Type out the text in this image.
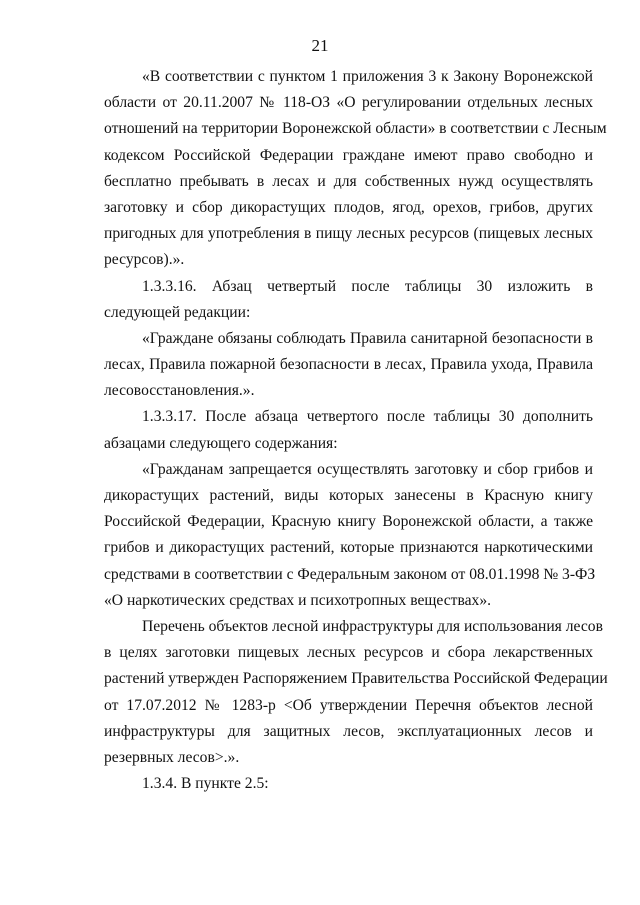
21
«В соответствии с пунктом 1 приложения 3 к Закону Воронежской
области от 20.11.2007 № 118-ОЗ «О регулировании отдельных лесных
отношений на территории Воронежской области» в соответствии с Лесным
кодексом Российской Федерации граждане имеют право свободно и
бесплатно пребывать в лесах и для собственных нужд осуществлять
заготовку и сбор дикорастущих плодов, ягод, орехов, грибов, других
пригодных для употребления в пищу лесных ресурсов (пищевых лесных
ресурсов).».
1.3.3.16. Абзац четвертый после таблицы 30 изложить в
следующей редакции:
«Граждане обязаны соблюдать Правила санитарной безопасности в
лесах, Правила пожарной безопасности в лесах, Правила ухода, Правила
лесовосстановления.».
1.3.3.17. После абзаца четвертого после таблицы 30 дополнить
абзацами следующего содержания:
«Гражданам запрещается осуществлять заготовку и сбор грибов и
дикорастущих растений, виды которых занесены в Красную книгу
Российской Федерации, Красную книгу Воронежской области, а также
грибов и дикорастущих растений, которые признаются наркотическими
средствами в соответствии с Федеральным законом от 08.01.1998 № 3-ФЗ
«О наркотических средствах и психотропных веществах».
Перечень объектов лесной инфраструктуры для использования лесов
в целях заготовки пищевых лесных ресурсов и сбора лекарственных
растений утвержден Распоряжением Правительства Российской Федерации
от 17.07.2012 № 1283-р <Об утверждении Перечня объектов лесной
инфраструктуры для защитных лесов, эксплуатационных лесов и
резервных лесов>.».
1.3.4. В пункте 2.5:
